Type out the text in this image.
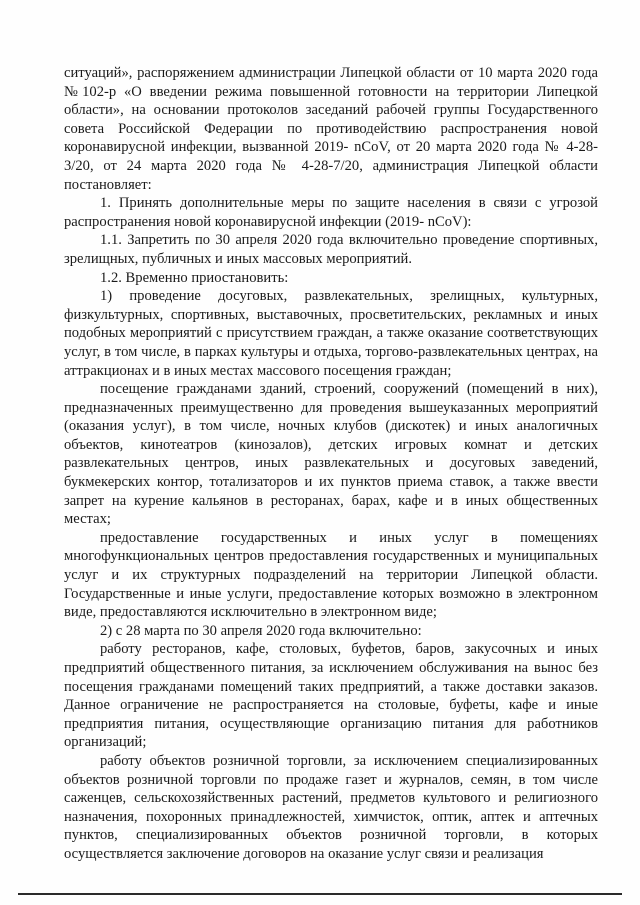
ситуаций», распоряжением администрации Липецкой области от 10 марта 2020 года №102-р «О введении режима повышенной готовности на территории Липецкой области», на основании протоколов заседаний рабочей группы Государственного совета Российской Федерации по противодействию распространения новой коронавирусной инфекции, вызванной 2019- nCoV, от 20 марта 2020 года № 4-28-3/20, от 24 марта 2020 года № 4-28-7/20, администрация Липецкой области постановляет:

1. Принять дополнительные меры по защите населения в связи с угрозой распространения новой коронавирусной инфекции (2019- nCoV):

1.1. Запретить по 30 апреля 2020 года включительно проведение спортивных, зрелищных, публичных и иных массовых мероприятий.

1.2. Временно приостановить:

1) проведение досуговых, развлекательных, зрелищных, культурных, физкультурных, спортивных, выставочных, просветительских, рекламных и иных подобных мероприятий с присутствием граждан, а также оказание соответствующих услуг, в том числе, в парках культуры и отдыха, торгово-развлекательных центрах, на аттракционах и в иных местах массового посещения граждан;

посещение гражданами зданий, строений, сооружений (помещений в них), предназначенных преимущественно для проведения вышеуказанных мероприятий (оказания услуг), в том числе, ночных клубов (дискотек) и иных аналогичных объектов, кинотеатров (кинозалов), детских игровых комнат и детских развлекательных центров, иных развлекательных и досуговых заведений, букмекерских контор, тотализаторов и их пунктов приема ставок, а также ввести запрет на курение кальянов в ресторанах, барах, кафе и в иных общественных местах;

предоставление государственных и иных услуг в помещениях многофункциональных центров предоставления государственных и муниципальных услуг и их структурных подразделений на территории Липецкой области. Государственные и иные услуги, предоставление которых возможно в электронном виде, предоставляются исключительно в электронном виде;

2) с 28 марта по 30 апреля 2020 года включительно:

работу ресторанов, кафе, столовых, буфетов, баров, закусочных и иных предприятий общественного питания, за исключением обслуживания на вынос без посещения гражданами помещений таких предприятий, а также доставки заказов. Данное ограничение не распространяется на столовые, буфеты, кафе и иные предприятия питания, осуществляющие организацию питания для работников организаций;

работу объектов розничной торговли, за исключением специализированных объектов розничной торговли по продаже газет и журналов, семян, в том числе саженцев, сельскохозяйственных растений, предметов культового и религиозного назначения, похоронных принадлежностей, химчисток, оптик, аптек и аптечных пунктов, специализированных объектов розничной торговли, в которых осуществляется заключение договоров на оказание услуг связи и реализация
